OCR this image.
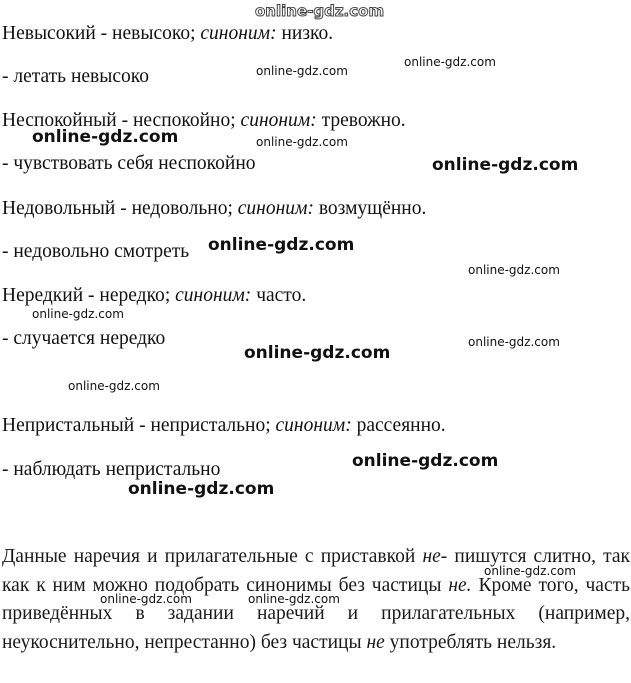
online-gdz.com
Невысокий - невысоко; синоним: низко.
- летать невысоко
Неспокойный - неспокойно; синоним: тревожно.
- чувствовать себя неспокойно
Недовольный - недовольно; синоним: возмущённо.
- недовольно смотреть
Нередкий - нередко; синоним: часто.
- случается нередко
Непристальный - непристально; синоним: рассеянно.
- наблюдать непристально
Данные наречия и прилагательные с приставкой не- пишутся слитно, так как к ним можно подобрать синонимы без частицы не. Кроме того, часть приведённых в задании наречий и прилагательных (например, неукоснительно, непрестанно) без частицы не употреблять нельзя.
online-gdz.com
online-gdz.com
online-gdz.com	online-gdz.com
online-gdz.com
online-gdz.com
online-gdz.com
online-gdz.com
online-gdz.com
online-gdz.com
online-gdz.com
online-gdz.com
online-gdz.com
online-gdz.com
online-gdz.com	online-gdz.com
